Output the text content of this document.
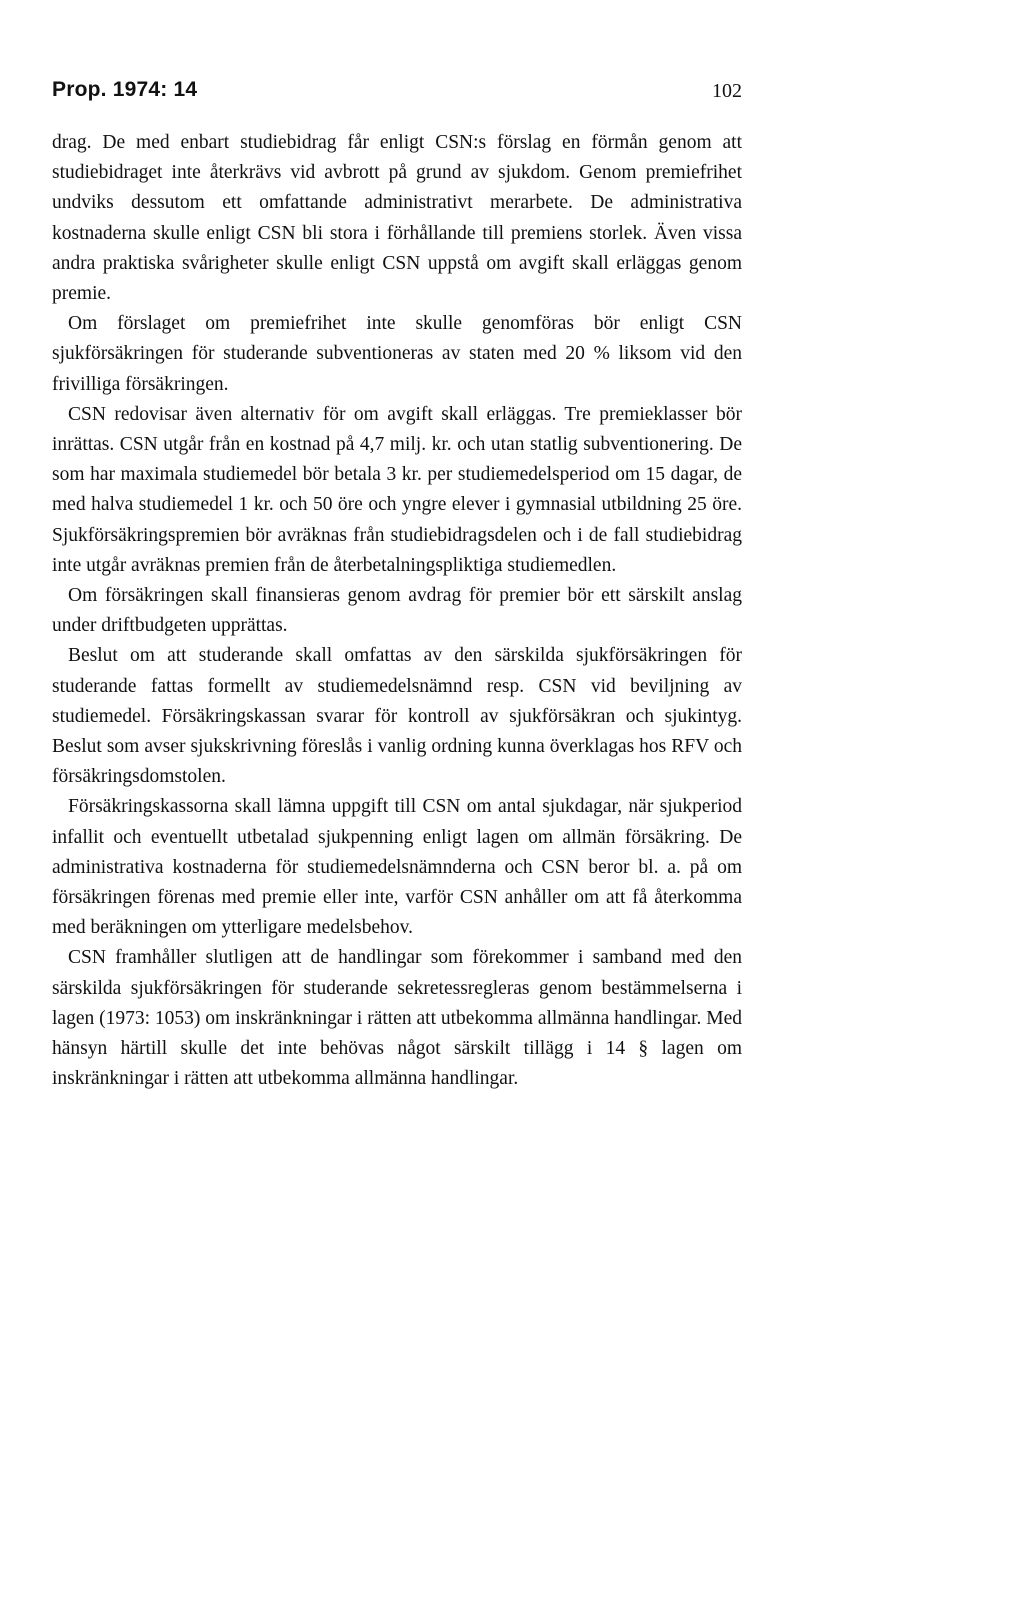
Prop. 1974: 14	102

drag. De med enbart studiebidrag får enligt CSN:s förslag en förmån genom att studiebidraget inte återkrävs vid avbrott på grund av sjukdom. Genom premiefrihet undviks dessutom ett omfattande administrativt merarbete. De administrativa kostnaderna skulle enligt CSN bli stora i förhållande till premiens storlek. Även vissa andra praktiska svårigheter skulle enligt CSN uppstå om avgift skall erläggas genom premie.

Om förslaget om premiefrihet inte skulle genomföras bör enligt CSN sjukförsäkringen för studerande subventioneras av staten med 20 % liksom vid den frivilliga försäkringen.

CSN redovisar även alternativ för om avgift skall erläggas. Tre premieklasser bör inrättas. CSN utgår från en kostnad på 4,7 milj. kr. och utan statlig subventionering. De som har maximala studiemedel bör betala 3 kr. per studiemedelsperiod om 15 dagar, de med halva studiemedel 1 kr. och 50 öre och yngre elever i gymnasial utbildning 25 öre. Sjukförsäkringspremien bör avräknas från studiebidragsdelen och i de fall studiebidrag inte utgår avräknas premien från de återbetalningspliktiga studiemedlen.

Om försäkringen skall finansieras genom avdrag för premier bör ett särskilt anslag under driftbudgeten upprättas.

Beslut om att studerande skall omfattas av den särskilda sjukförsäkringen för studerande fattas formellt av studiemedelsnämnd resp. CSN vid beviljning av studiemedel. Försäkringskassan svarar för kontroll av sjukförsäkran och sjukintyg. Beslut som avser sjukskrivning föreslås i vanlig ordning kunna överklagas hos RFV och försäkringsdomstolen.

Försäkringskassorna skall lämna uppgift till CSN om antal sjukdagar, när sjukperiod infallit och eventuellt utbetalad sjukpenning enligt lagen om allmän försäkring. De administrativa kostnaderna för studiemedelsnämnderna och CSN beror bl. a. på om försäkringen förenas med premie eller inte, varför CSN anhåller om att få återkomma med beräkningen om ytterligare medelsbehov.

CSN framhåller slutligen att de handlingar som förekommer i samband med den särskilda sjukförsäkringen för studerande sekretessregleras genom bestämmelserna i lagen (1973: 1053) om inskränkningar i rätten att utbekomma allmänna handlingar. Med hänsyn härtill skulle det inte behövas något särskilt tillägg i 14 § lagen om inskränkningar i rätten att utbekomma allmänna handlingar.
